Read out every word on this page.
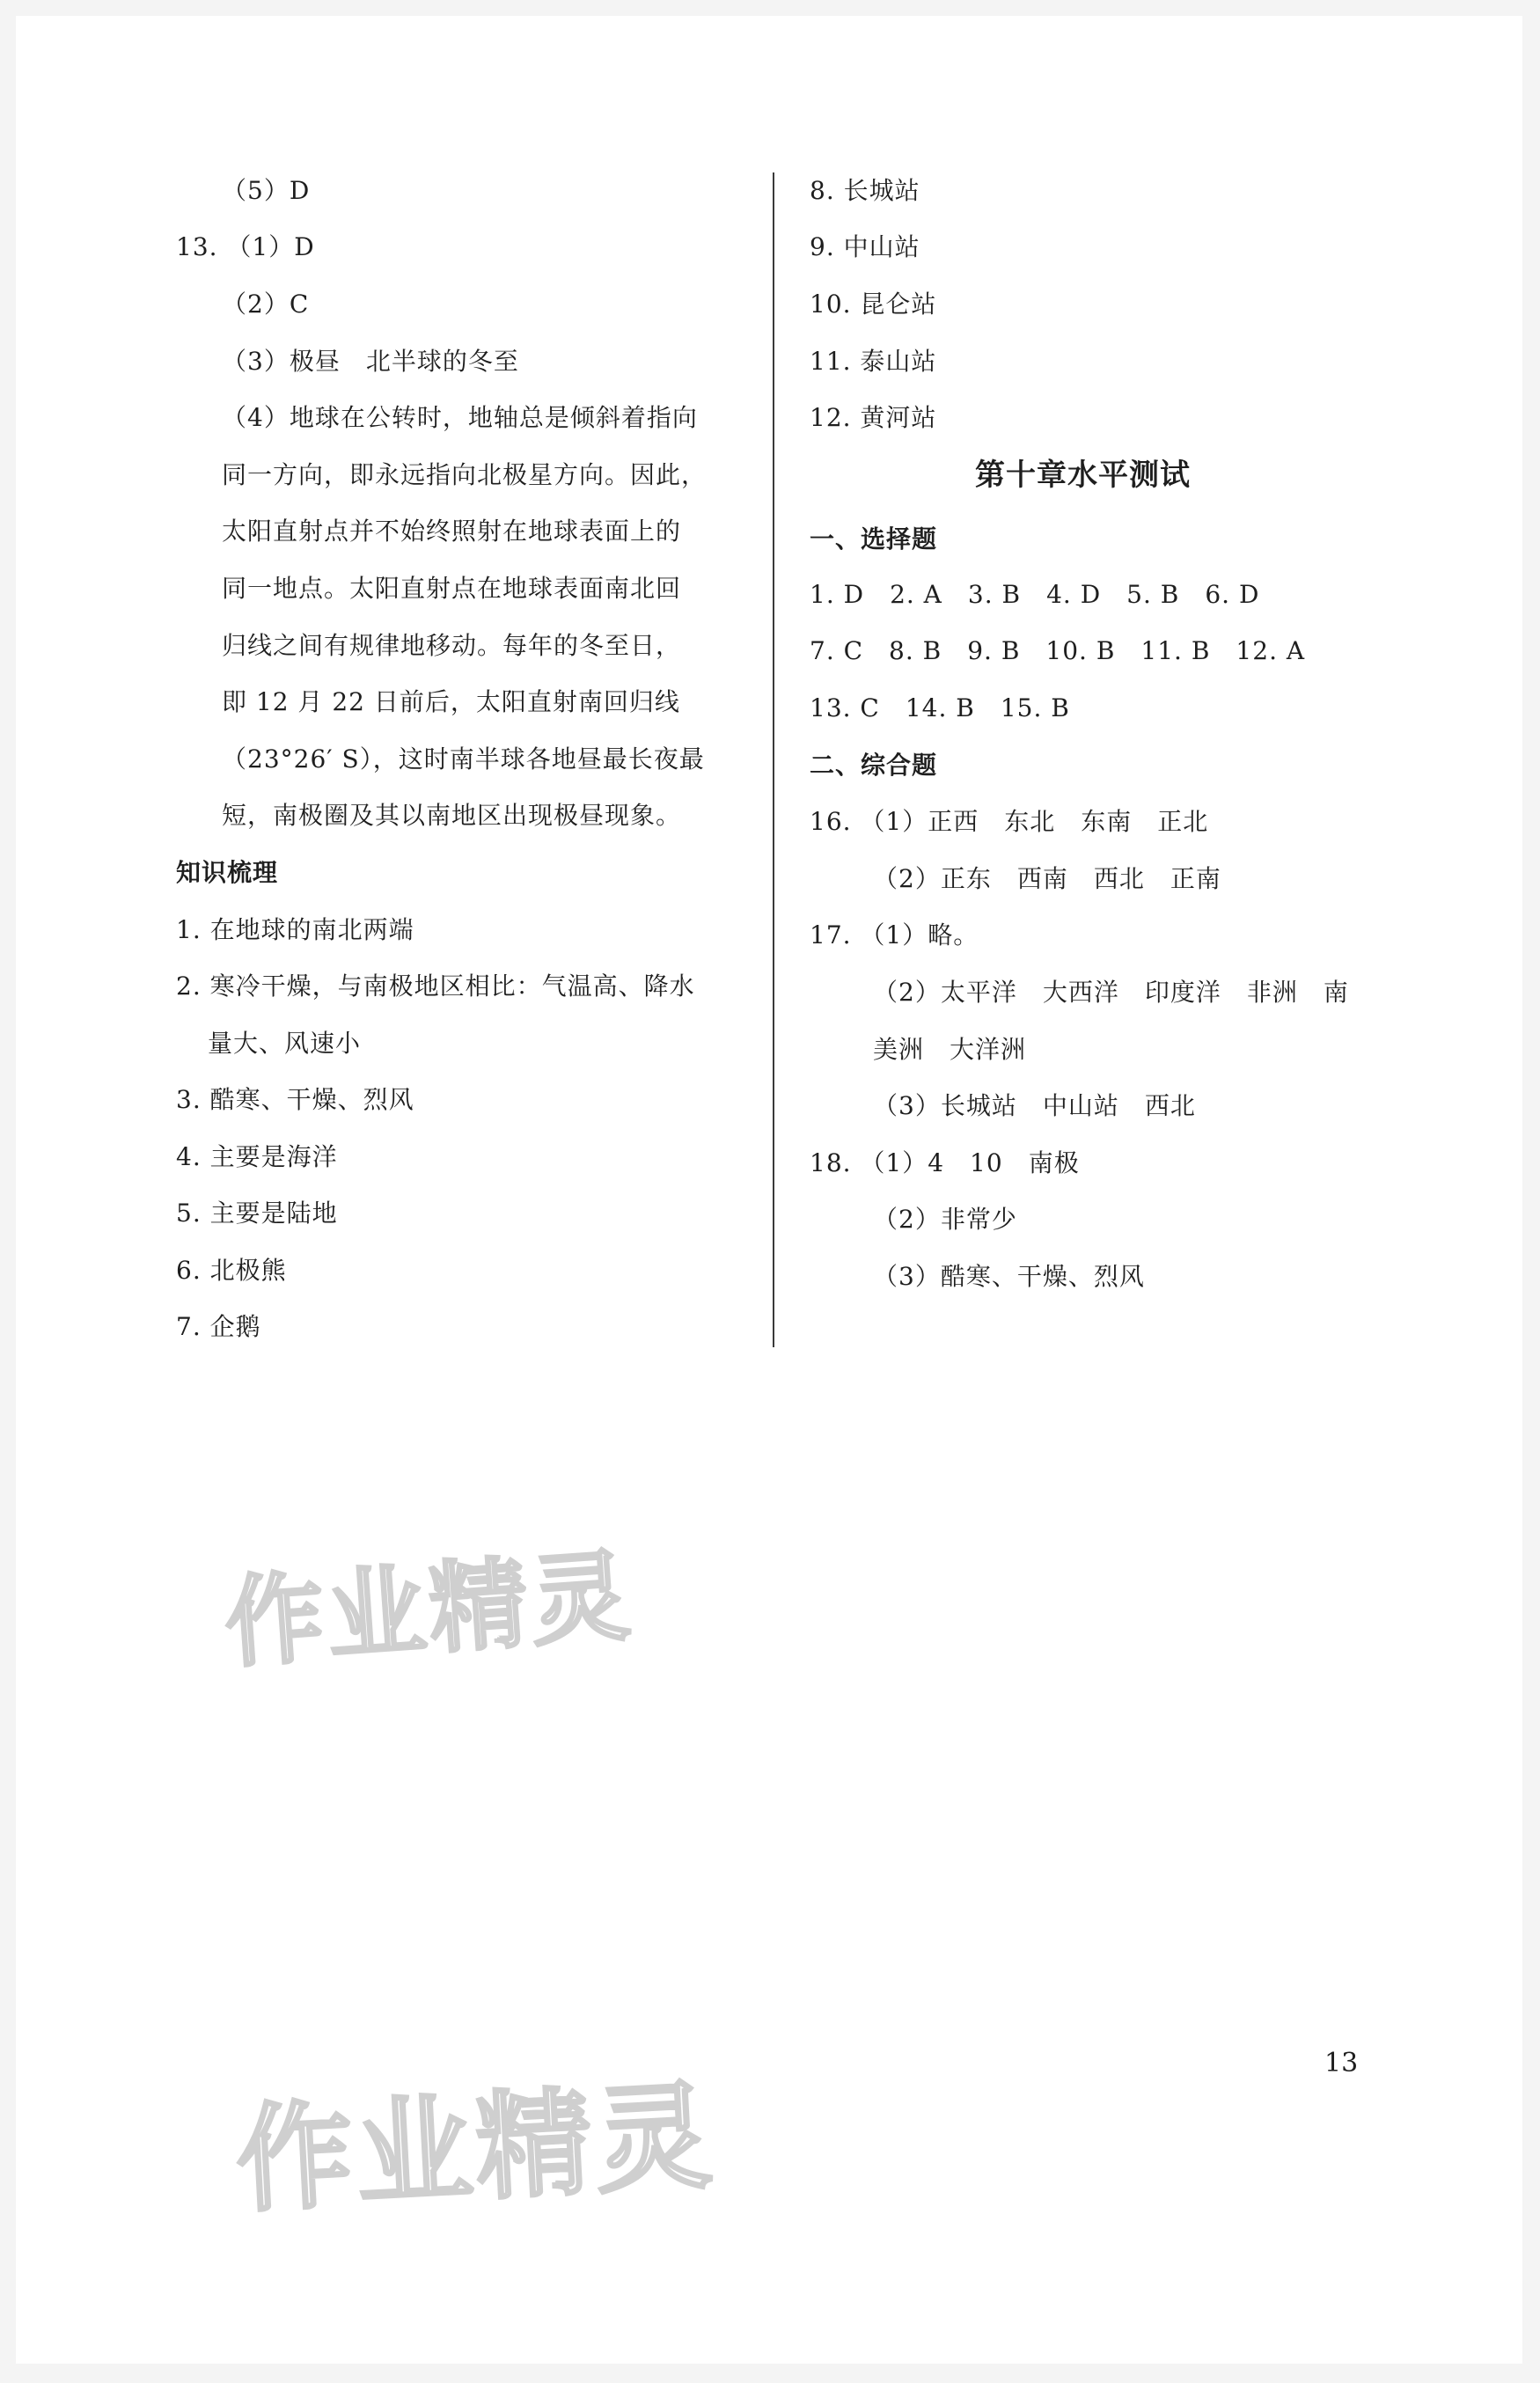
（5）D
13. （1）D
（2）C
（3）极昼　北半球的冬至
（4）地球在公转时，地轴总是倾斜着指向
同一方向，即永远指向北极星方向。因此，
太阳直射点并不始终照射在地球表面上的
同一地点。太阳直射点在地球表面南北回
归线之间有规律地移动。每年的冬至日，
即 12 月 22 日前后，太阳直射南回归线
（23°26′ S），这时南半球各地昼最长夜最
短，南极圈及其以南地区出现极昼现象。
知识梳理
1. 在地球的南北两端
2. 寒冷干燥，与南极地区相比：气温高、降水
量大、风速小
3. 酷寒、干燥、烈风
4. 主要是海洋
5. 主要是陆地
6. 北极熊
7. 企鹅
8. 长城站
9. 中山站
10. 昆仑站
11. 泰山站
12. 黄河站
一、选择题
1. D　2. A　3. B　4. D　5. B　6. D
7. C　8. B　9. B　10. B　11. B　12. A
13. C　14. B　15. B
二、综合题
16. （1）正西　东北　东南　正北
（2）正东　西南　西北　正南
17. （1）略。
（2）太平洋　大西洋　印度洋　非洲　南
美洲　大洋洲
（3）长城站　中山站　西北
18. （1）4　10　南极
（2）非常少
（3）酷寒、干燥、烈风
第十章水平测试
作业精灵
作业精灵
13
